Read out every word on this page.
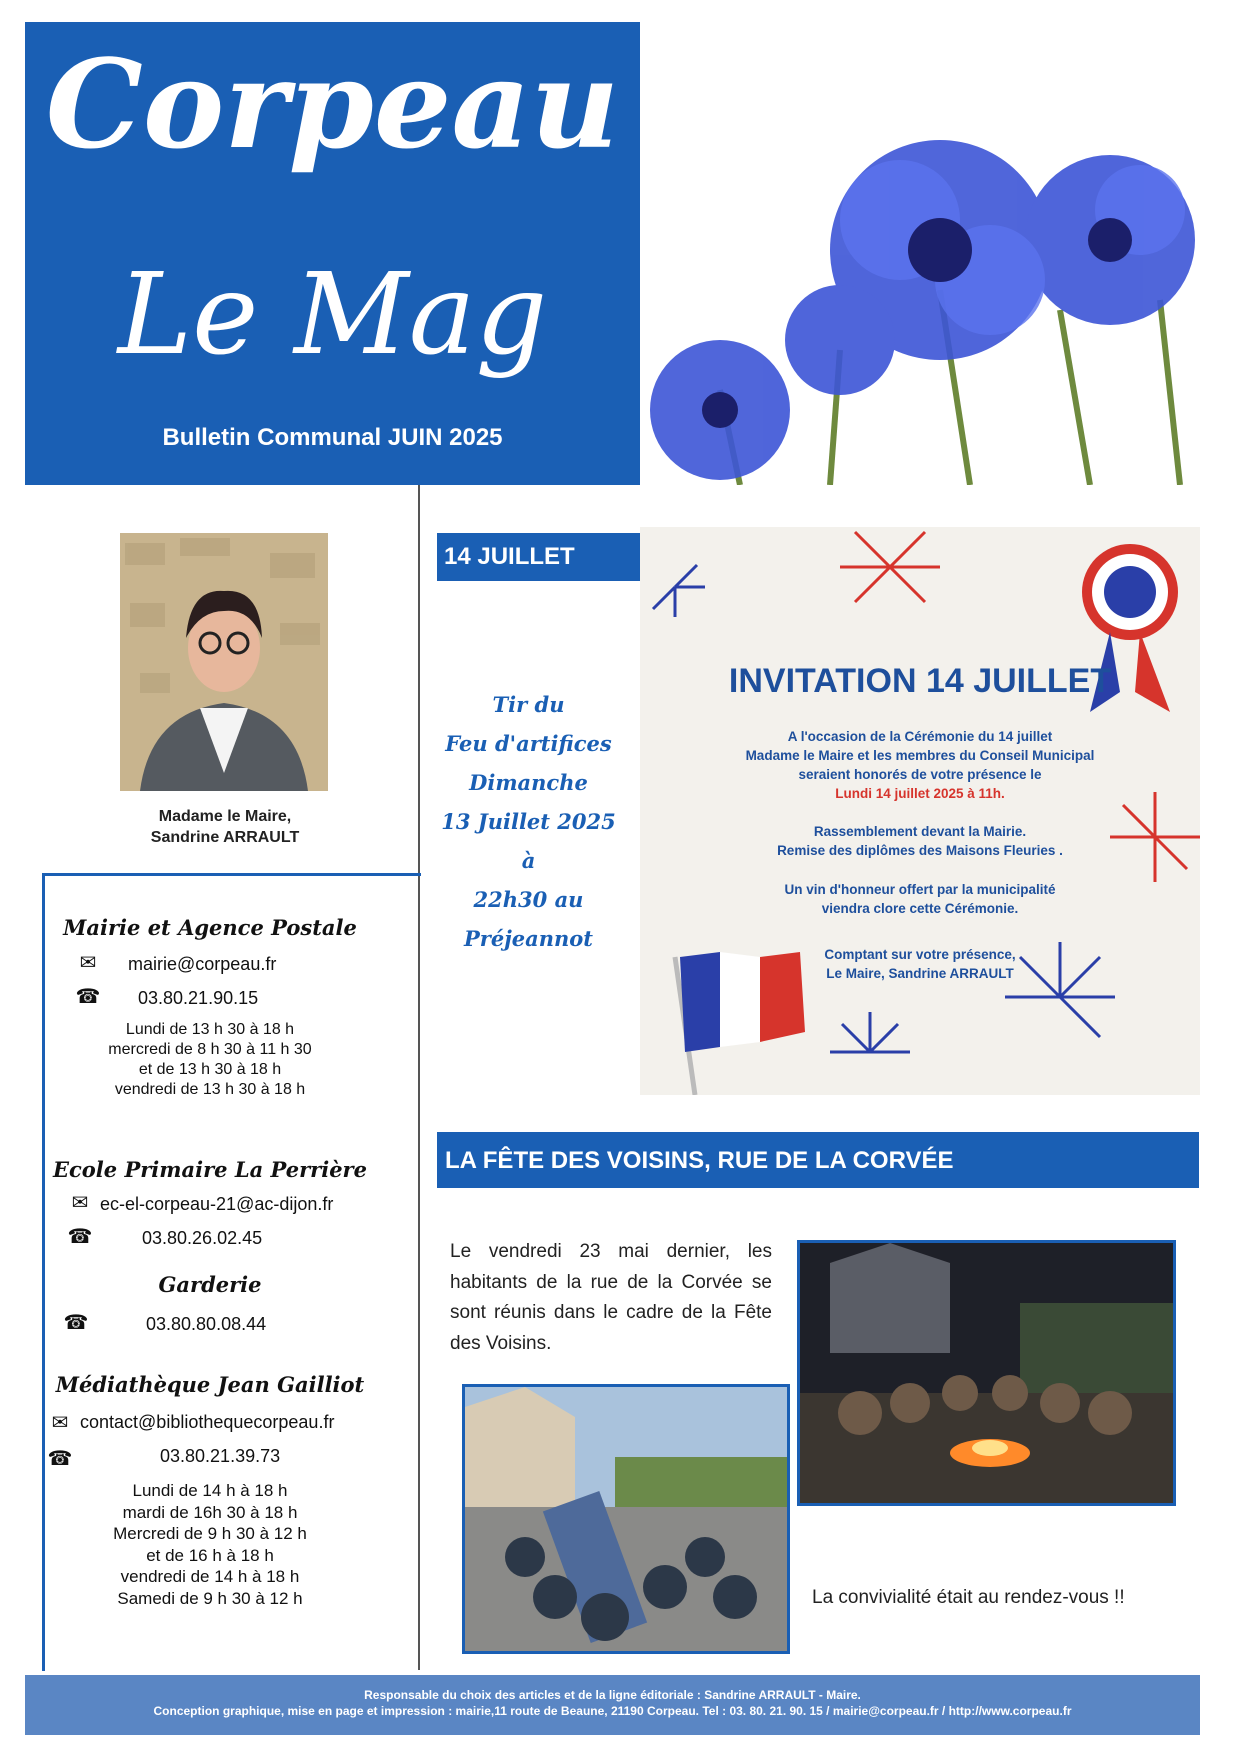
Corpeau
Le Mag
Bulletin Communal JUIN 2025
Madame le Maire,
Sandrine ARRAULT
Mairie et Agence Postale
✉	mairie@corpeau.fr
☎ 03.80.21.90.15
Lundi de 13 h 30 à 18 h
mercredi de 8 h 30 à 11 h 30
et de 13 h 30 à 18 h
vendredi de 13 h 30 à 18 h
Ecole Primaire La Perrière
✉ ec-el-corpeau-21@ac-dijon.fr
☎	03.80.26.02.45
Garderie
☎	03.80.80.08.44
Médiathèque Jean Gailliot
✉ contact@bibliothequecorpeau.fr
☎	03.80.21.39.73
Lundi de 14 h à 18 h
mardi de 16h 30 à 18 h
Mercredi de 9 h 30 à 12 h
et de 16 h à 18 h
vendredi de 14 h à 18 h
Samedi de 9 h 30 à 12 h
14 JUILLET
Tir du
Feu d'artifices
Dimanche
13 Juillet 2025 à
22h30 au
Préjeannot
INVITATION 14 JUILLET
A l'occasion de la Cérémonie du 14 juillet
Madame le Maire et les membres du Conseil Municipal
seraient honorés de votre présence le
Lundi 14 juillet 2025 à 11h.
Rassemblement devant la Mairie.
Remise des diplômes des Maisons Fleuries .
Un vin d'honneur offert par la municipalité
viendra clore cette Cérémonie.
Comptant sur votre présence,
Le Maire, Sandrine ARRAULT
LA FÊTE DES VOISINS, RUE DE LA CORVÉE
Le vendredi 23 mai dernier, les habitants de la rue de la Corvée se sont réunis dans le cadre de la Fête des Voisins.
La convivialité était au rendez-vous !!
Responsable du choix des articles et de la ligne éditoriale : Sandrine ARRAULT - Maire.
Conception graphique, mise en page et impression : mairie,11 route de Beaune, 21190 Corpeau. Tel : 03. 80. 21. 90. 15 / mairie@corpeau.fr / http://www.corpeau.fr
